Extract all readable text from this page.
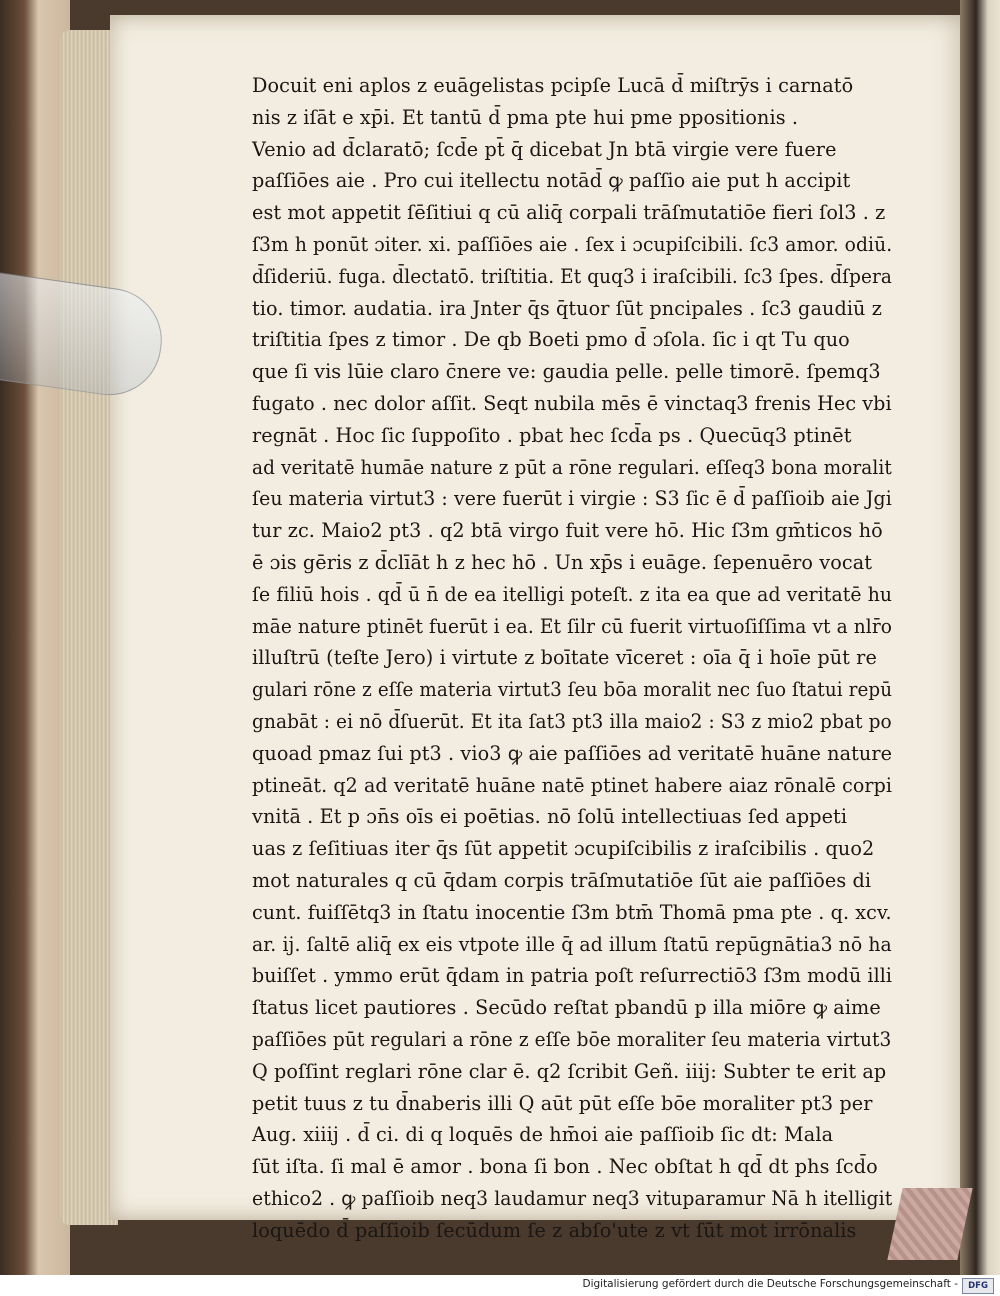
Docuit eni aplos z euāgelistas pcipſe Lucā d̄ miſtrȳs i carnatō
nis z iſāt e xp̄i. Et tantū d̄ pma pte hui pme ppositionis .
Venio ad d̄claratō; ſcd̄e pt̄ q̄ dicebat Jn btā virgie vere fuere
paſſiōes aie . Pro cui itellectu notād̄ ꝙ paſſio aie put h accipit
est mot appetit ſēſitiui q cū aliq̄ corpali trāſmutatiōe fieri ſol3 . z
ſ3m h ponūt ɔiter. xi. paſſiōes aie . ſex i ɔcupiſcibili. ſc3 amor. odiū.
d̄ſideriū. fuga. d̄lectatō. triſtitia. Et quq3 i iraſcibili. ſc3 ſpes. d̄ſpera
tio. timor. audatia. ira Jnter q̄s q̄tuor ſūt pncipales . ſc3 gaudiū z
triſtitia ſpes z timor . De qb Boeti pmo d̄ ɔſola. ſic i qt Tu quo
que ſi vis lūie claro c̄nere ve: gaudia pelle. pelle timorē. ſpemq3
fugato . nec dolor aſſit. Seqt nubila mēs ē vinctaq3 frenis Hec vbi
regnāt . Hoc ſic ſuppoſito . pbat hec ſcd̄a ps . Quecūq3 ptinēt
ad veritatē humāe nature z pūt a rōne regulari. eſſeq3 bona moralit
ſeu materia virtut3 : vere fuerūt i virgie : S3 ſic ē d̄ paſſioib aie Jgi
tur zc. Maio2 pt3 . q2 btā virgo fuit vere hō. Hic ſ3m gm̄ticos hō
ē ɔis gēris z d̄clīāt h z hec hō . Un xp̄s i euāge. ſepenuēro vocat
ſe filiū hois . qd̄ ū n̄ de ea itelligi poteſt. z ita ea que ad veritatē hu
māe nature ptinēt fuerūt i ea. Et ſilr cū fuerit virtuoſiſſima vt a nlr̄o
illuſtrū (teſte Jero) i virtute z boītate vīceret : oīa q̄ i hoīe pūt re
gulari rōne z eſſe materia virtut3 ſeu bōa moralit nec ſuo ſtatui repū
gnabāt : ei nō d̄ſuerūt. Et ita ſat3 pt3 illa maio2 : S3 z mio2 pbat po
quoad pmaz ſui pt3 . vio3 ꝙ aie paſſiōes ad veritatē huāne nature
ptineāt. q2 ad veritatē huāne natē ptinet habere aiaz rōnalē corpi
vnitā . Et p ɔn̄s oīs ei poētias. nō ſolū intellectiuas ſed appeti
uas z ſeſitiuas iter q̄s ſūt appetit ɔcupiſcibilis z iraſcibilis . quo2
mot naturales q cū q̄dam corpis trāſmutatiōe ſūt aie paſſiōes di
cunt. fuiſſētq3 in ſtatu inocentie ſ3m btm̄ Thomā pma pte . q. xcv.
ar. ij. ſaltē aliq̄ ex eis vtpote ille q̄ ad illum ſtatū repūgnātia3 nō ha
buiſſet . ymmo erūt q̄dam in patria poſt reſurrectiō3 ſ3m modū illi
ſtatus licet pautiores . Secūdo reſtat pbandū p illa miōre ꝙ aime
paſſiōes pūt regulari a rōne z eſſe bōe moraliter ſeu materia virtut3
Q poſſint reglari rōne clar ē. q2 ſcribit Geñ. iiij: Subter te erit ap
petit tuus z tu d̄naberis illi Q aūt pūt eſſe bōe moraliter pt3 per
Aug. xiiij . d̄ ci. di q loquēs de hm̄oi aie paſſioib ſic dt: Mala
ſūt iſta. ſi mal ē amor . bona ſi bon . Nec obſtat h qd̄ dt phs ſcd̄o
ethico2 . ꝙ paſſioib neq3 laudamur neq3 vituparamur Nā h itelligit
loquēdo d̄ paſſioib ſecūdum ſe z abſo'ute z vt ſūt mot irrōnalis
Digitalisierung gefördert durch die Deutsche Forschungsgemeinschaft -	DFG
